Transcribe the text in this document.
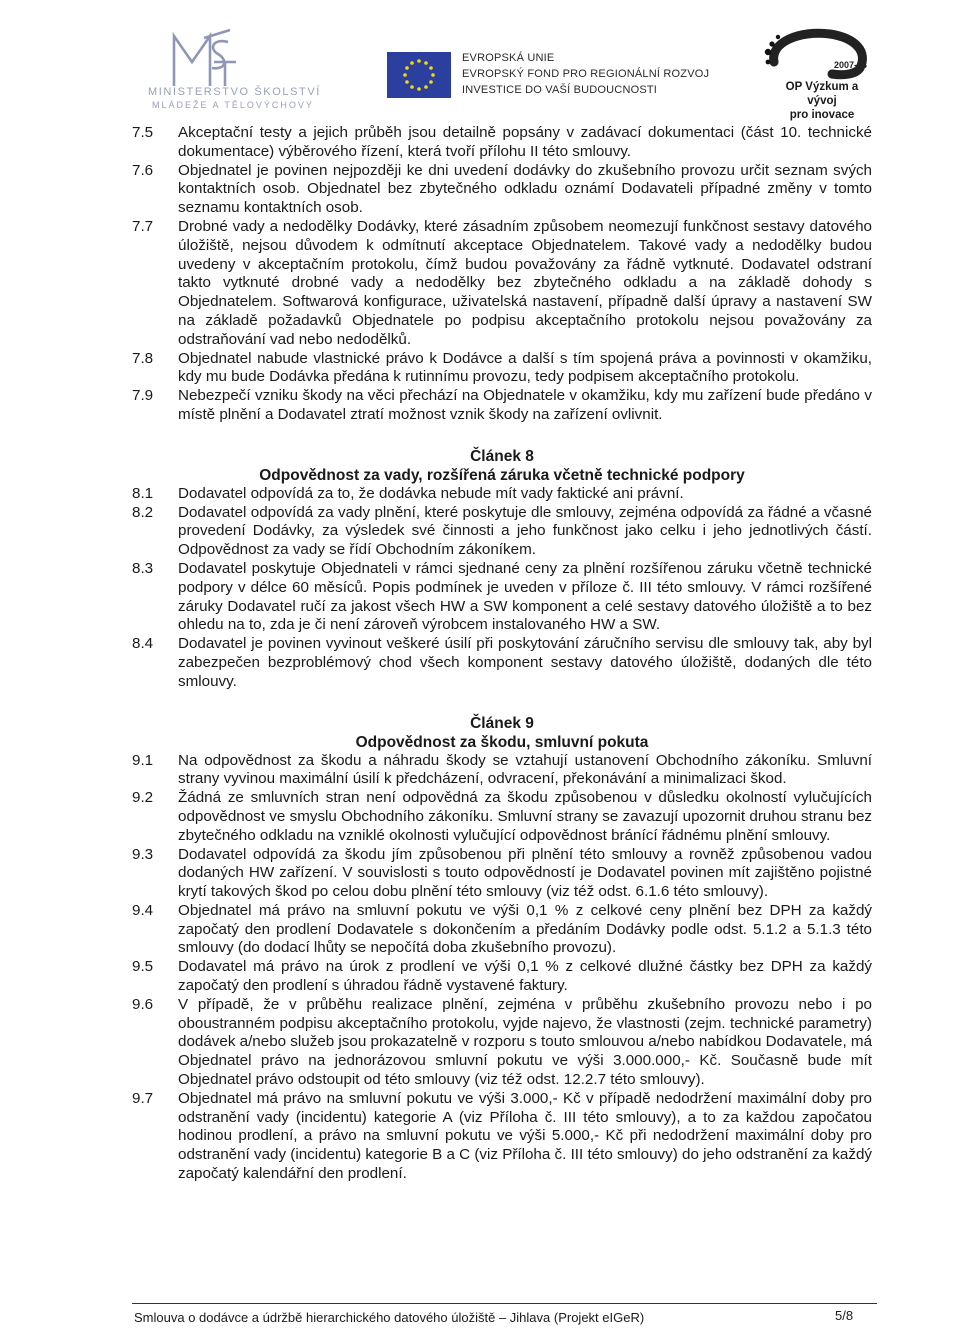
MINISTERSTVO ŠKOLSTVÍ
MLÁDEŽE A TĚLOVÝCHOVY
EVROPSKÁ UNIE
EVROPSKÝ FOND PRO REGIONÁLNÍ ROZVOJ
INVESTICE DO VAŠÍ BUDOUCNOSTI
2007-13
OP Výzkum a vývoj
pro inovace
7.5 Akceptační testy a jejich průběh jsou detailně popsány v zadávací dokumentaci (část 10. technické dokumentace) výběrového řízení, která tvoří přílohu II této smlouvy.
7.6 Objednatel je povinen nejpozději ke dni uvedení dodávky do zkušebního provozu určit seznam svých kontaktních osob. Objednatel bez zbytečného odkladu oznámí Dodavateli případné změny v tomto seznamu kontaktních osob.
7.7 Drobné vady a nedodělky Dodávky, které zásadním způsobem neomezují funkčnost sestavy datového úložiště, nejsou důvodem k odmítnutí akceptace Objednatelem. Takové vady a nedodělky budou uvedeny v akceptačním protokolu, čímž budou považovány za řádně vytknuté. Dodavatel odstraní takto vytknuté drobné vady a nedodělky bez zbytečného odkladu a na základě dohody s Objednatelem. Softwarová konfigurace, uživatelská nastavení, případně další úpravy a nastavení SW na základě požadavků Objednatele po podpisu akceptačního protokolu nejsou považovány za odstraňování vad nebo nedodělků.
7.8 Objednatel nabude vlastnické právo k Dodávce a další s tím spojená práva a povinnosti v okamžiku, kdy mu bude Dodávka předána k rutinnímu provozu, tedy podpisem akceptačního protokolu.
7.9 Nebezpečí vzniku škody na věci přechází na Objednatele v okamžiku, kdy mu zařízení bude předáno v místě plnění a Dodavatel ztratí možnost vznik škody na zařízení ovlivnit.
Článek 8
Odpovědnost za vady, rozšířená záruka včetně technické podpory
8.1 Dodavatel odpovídá za to, že dodávka nebude mít vady faktické ani právní.
8.2 Dodavatel odpovídá za vady plnění, které poskytuje dle smlouvy, zejména odpovídá za řádné a včasné provedení Dodávky, za výsledek své činnosti a jeho funkčnost jako celku i jeho jednotlivých částí. Odpovědnost za vady se řídí Obchodním zákoníkem.
8.3 Dodavatel poskytuje Objednateli v rámci sjednané ceny za plnění rozšířenou záruku včetně technické podpory v délce 60 měsíců. Popis podmínek je uveden v příloze č. III této smlouvy. V rámci rozšířené záruky Dodavatel ručí za jakost všech HW a SW komponent a celé sestavy datového úložiště a to bez ohledu na to, zda je či není zároveň výrobcem instalovaného HW a SW.
8.4 Dodavatel je povinen vyvinout veškeré úsilí při poskytování záručního servisu dle smlouvy tak, aby byl zabezpečen bezproblémový chod všech komponent sestavy datového úložiště, dodaných dle této smlouvy.
Článek 9
Odpovědnost za škodu, smluvní pokuta
9.1 Na odpovědnost za škodu a náhradu škody se vztahují ustanovení Obchodního zákoníku. Smluvní strany vyvinou maximální úsilí k předcházení, odvracení, překonávání a minimalizaci škod.
9.2 Žádná ze smluvních stran není odpovědná za škodu způsobenou v důsledku okolností vylučujících odpovědnost ve smyslu Obchodního zákoníku. Smluvní strany se zavazují upozornit druhou stranu bez zbytečného odkladu na vzniklé okolnosti vylučující odpovědnost bránící řádnému plnění smlouvy.
9.3 Dodavatel odpovídá za škodu jím způsobenou při plnění této smlouvy a rovněž způsobenou vadou dodaných HW zařízení. V souvislosti s touto odpovědností je Dodavatel povinen mít zajištěno pojistné krytí takových škod po celou dobu plnění této smlouvy (viz též odst. 6.1.6 této smlouvy).
9.4 Objednatel má právo na smluvní pokutu ve výši 0,1 % z celkové ceny plnění bez DPH za každý započatý den prodlení Dodavatele s dokončením a předáním Dodávky podle odst. 5.1.2 a 5.1.3 této smlouvy (do dodací lhůty se nepočítá doba zkušebního provozu).
9.5 Dodavatel má právo na úrok z prodlení ve výši 0,1 % z celkové dlužné částky bez DPH za každý započatý den prodlení s úhradou řádně vystavené faktury.
9.6 V případě, že v průběhu realizace plnění, zejména v průběhu zkušebního provozu nebo i po oboustranném podpisu akceptačního protokolu, vyjde najevo, že vlastnosti (zejm. technické parametry) dodávek a/nebo služeb jsou prokazatelně v rozporu s touto smlouvou a/nebo nabídkou Dodavatele, má Objednatel právo na jednorázovou smluvní pokutu ve výši 3.000.000,- Kč. Současně bude mít Objednatel právo odstoupit od této smlouvy (viz též odst. 12.2.7 této smlouvy).
9.7 Objednatel má právo na smluvní pokutu ve výši 3.000,- Kč v případě nedodržení maximální doby pro odstranění vady (incidentu) kategorie A (viz Příloha č. III této smlouvy), a to za každou započatou hodinou prodlení, a právo na smluvní pokutu ve výši 5.000,- Kč při nedodržení maximální doby pro odstranění vady (incidentu) kategorie B a C (viz Příloha č. III této smlouvy) do jeho odstranění za každý započatý kalendářní den prodlení.
Smlouva o dodávce a údržbě hierarchického datového úložiště – Jihlava (Projekt eIGeR)	5/8
